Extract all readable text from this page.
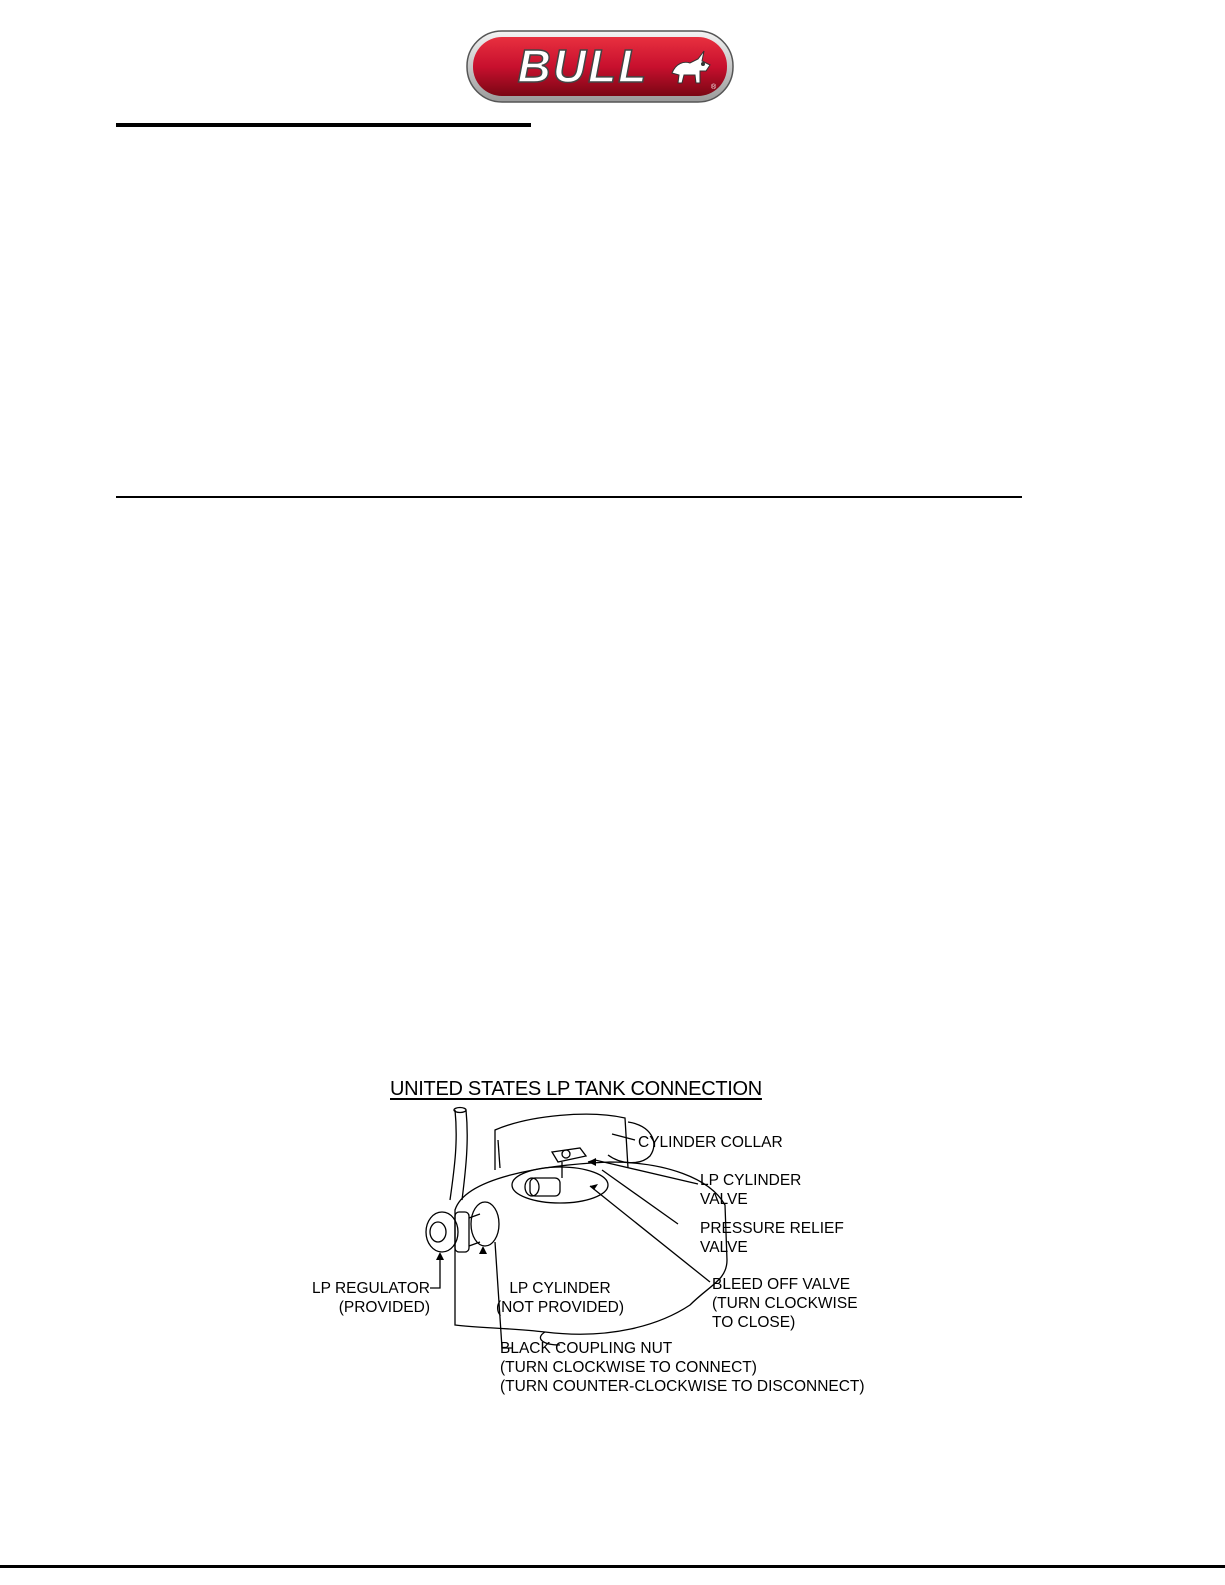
BULL	®
UNITED STATES LP TANK CONNECTION
CYLINDER COLLAR
LP CYLINDER
VALVE
PRESSURE RELIEF
VALVE
BLEED OFF VALVE
(TURN CLOCKWISE
TO CLOSE)
LP REGULATOR
(PROVIDED)
LP CYLINDER
(NOT PROVIDED)
BLACK COUPLING NUT
(TURN CLOCKWISE TO CONNECT)
(TURN COUNTER-CLOCKWISE TO DISCONNECT)
